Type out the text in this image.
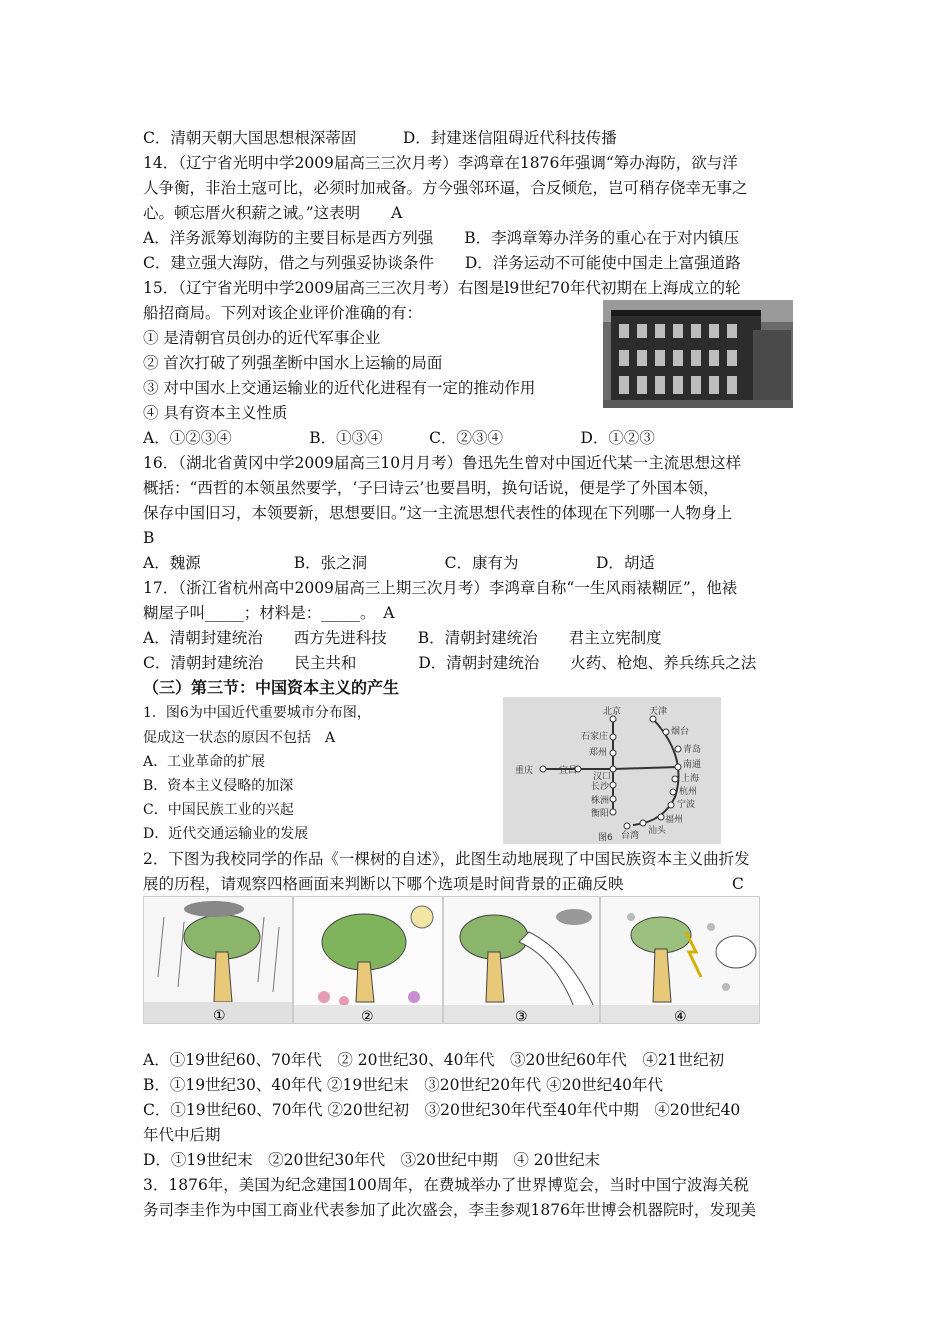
C．清朝天朝大国思想根深蒂固　　　D．封建迷信阻碍近代科技传播
14．（辽宁省光明中学2009届高三三次月考）李鸿章在1876年强调“筹办海防，欲与洋
人争衡，非治土寇可比，必须时加戒备。方今强邻环逼，合反倾危，岂可稍存侥幸无事之
心。顿忘厝火积薪之诫。”这表明　　A
A．洋务派筹划海防的主要目标是西方列强　　B．李鸿章筹办洋务的重心在于对内镇压
C．建立强大海防，借之与列强妥协谈条件　　D．洋务运动不可能使中国走上富强道路
15．（辽宁省光明中学2009届高三三次月考）右图是l9世纪70年代初期在上海成立的轮
船招商局。下列对该企业评价准确的有：
① 是清朝官员创办的近代军事企业
② 首次打破了列强垄断中国水上运输的局面
③ 对中国水上交通运输业的近代化进程有一定的推动作用
④ 具有资本主义性质
A．①②③④　　　　　B．①③④　　　C．②③④　　　　　D．①②③
16．（湖北省黄冈中学2009届高三10月月考）鲁迅先生曾对中国近代某一主流思想这样
概括：“西哲的本领虽然要学，‘子曰诗云’也要昌明，换句话说，便是学了外国本领，
保存中国旧习，本领要新，思想要旧。”这一主流思想代表性的体现在下列哪一人物身上
B
A．魏源　　　　　　B．张之洞　　　　　C．康有为　　　　　D．胡适
17．（浙江省杭州高中2009届高三上期三次月考）李鸿章自称“一生风雨裱糊匠”，他裱
糊屋子叫_____；材料是：_____。　A
A．清朝封建统治　　西方先进科技　　B．清朝封建统治　　君主立宪制度
C．清朝封建统治　　民主共和　　　　D．清朝封建统治　　火药、枪炮、养兵练兵之法
（三）第三节：中国资本主义的产生
1．图6为中国近代重要城市分布图，
促成这一状态的原因不包括　A
A．工业革命的扩展
B．资本主义侵略的加深
C．中国民族工业的兴起
D．近代交通运输业的发展
2．下图为我校同学的作品《一棵树的自述》，此图生动地展现了中国民族资本主义曲折发
展的历程，请观察四格画面来判断以下哪个选项是时间背景的正确反映　　　　　　　C
A．①19世纪60、70年代　② 20世纪30、40年代　③20世纪60年代　④21世纪初
B．①19世纪30、40年代 ②19世纪末　③20世纪20年代 ④20世纪40年代
C．①19世纪60、70年代 ②20世纪初　③20世纪30年代至40年代中期　④20世纪40
年代中后期
D．①19世纪末　②20世纪30年代　③20世纪中期　④ 20世纪末
3．1876年，美国为纪念建国100周年，在费城举办了世界博览会，当时中国宁波海关税
务司李圭作为中国工商业代表参加了此次盛会，李圭参观1876年世博会机器院时，发现美
北京	天津
烟台
石家庄
郑州
汉口
重庆	宜昌
长沙
株洲
衡阳
青岛
南通
上海
杭州
宁波
福州
汕头
台湾
图6
①	②	③	④
